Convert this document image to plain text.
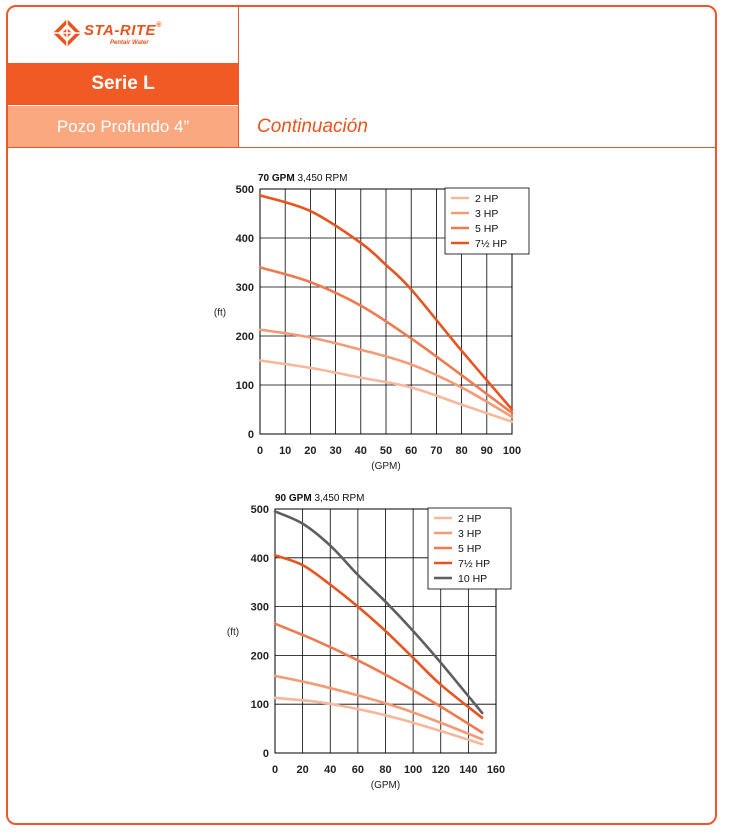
STA-RITE®
Pentair Water
Serie L
Pozo Profundo 4”	Continuación
0 10 20 30 40 50 60 70 80 90 100
0
100
200
300
400
500
(GPM)
(ft)
70 GPM 3,450 RPM
2 HP
3 HP
5 HP
7½ HP
0 20 40 60 80 100 120 140 160
0
100
200
300
400
500
(GPM)
(ft)
90 GPM 3,450 RPM
2 HP
3 HP
5 HP
7½ HP
10 HP
